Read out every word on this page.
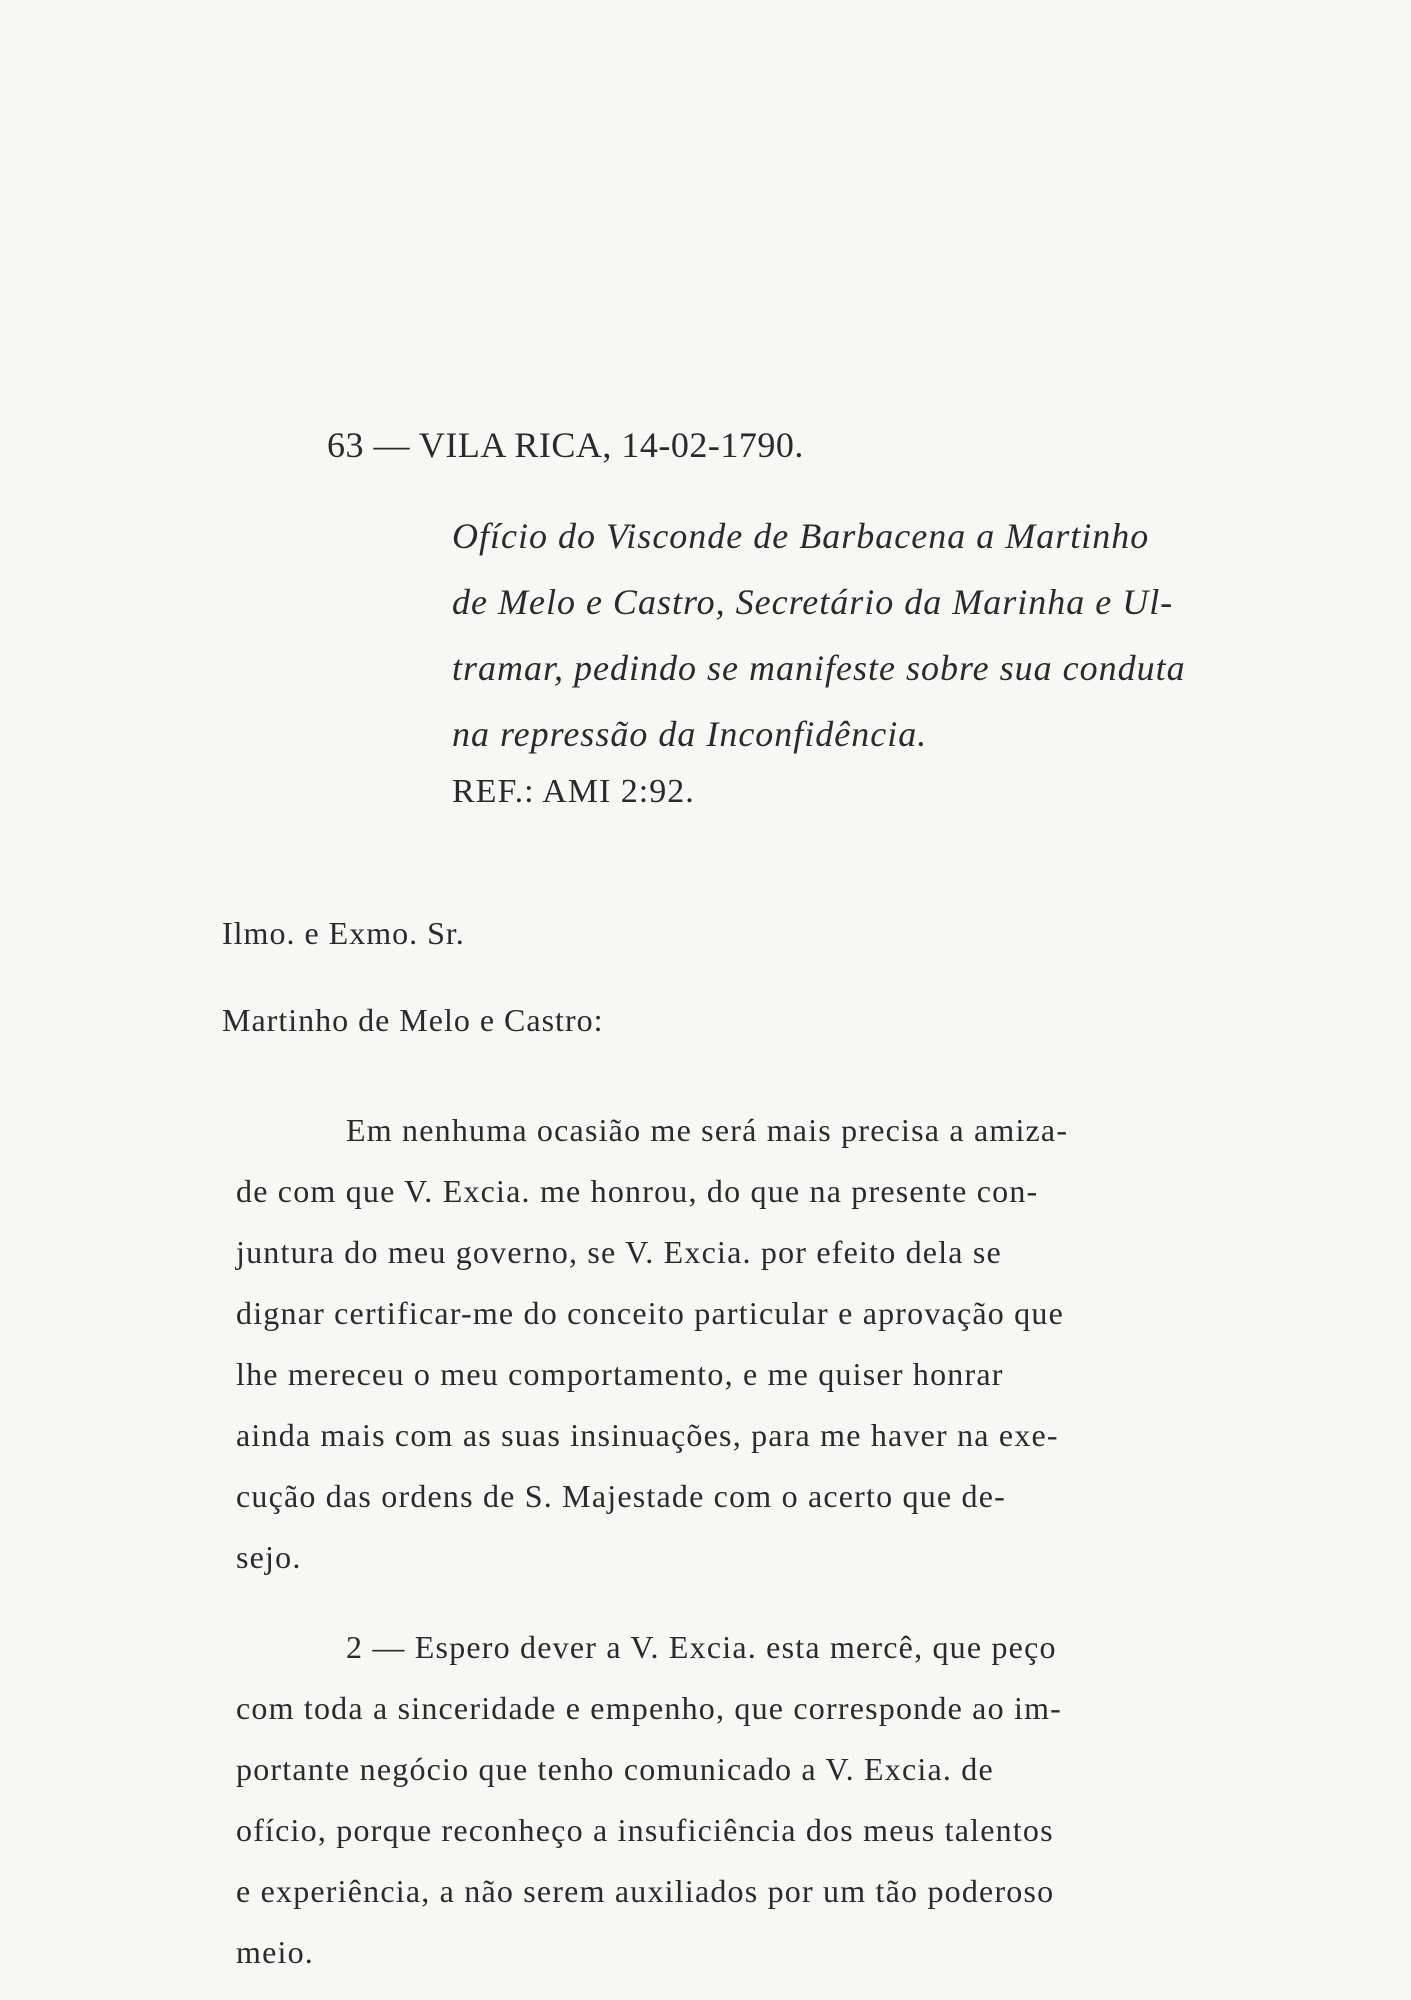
63 — VILA RICA, 14-02-1790.

Ofício do Visconde de Barbacena a Martinho
de Melo e Castro, Secretário da Marinha e Ul-
tramar, pedindo se manifeste sobre sua conduta
na repressão da Inconfidência.

REF.: AMI 2:92.

Ilmo. e Exmo. Sr.

Martinho de Melo e Castro:

Em nenhuma ocasião me será mais precisa a amiza-
de com que V. Excia. me honrou, do que na presente con-
juntura do meu governo, se V. Excia. por efeito dela se
dignar certificar-me do conceito particular e aprovação que
lhe mereceu o meu comportamento, e me quiser honrar
ainda mais com as suas insinuações, para me haver na exe-
cução das ordens de S. Majestade com o acerto que de-
sejo.

2 — Espero dever a V. Excia. esta mercê, que peço
com toda a sinceridade e empenho, que corresponde ao im-
portante negócio que tenho comunicado a V. Excia. de
ofício, porque reconheço a insuficiência dos meus talentos
e experiência, a não serem auxiliados por um tão poderoso
meio.
